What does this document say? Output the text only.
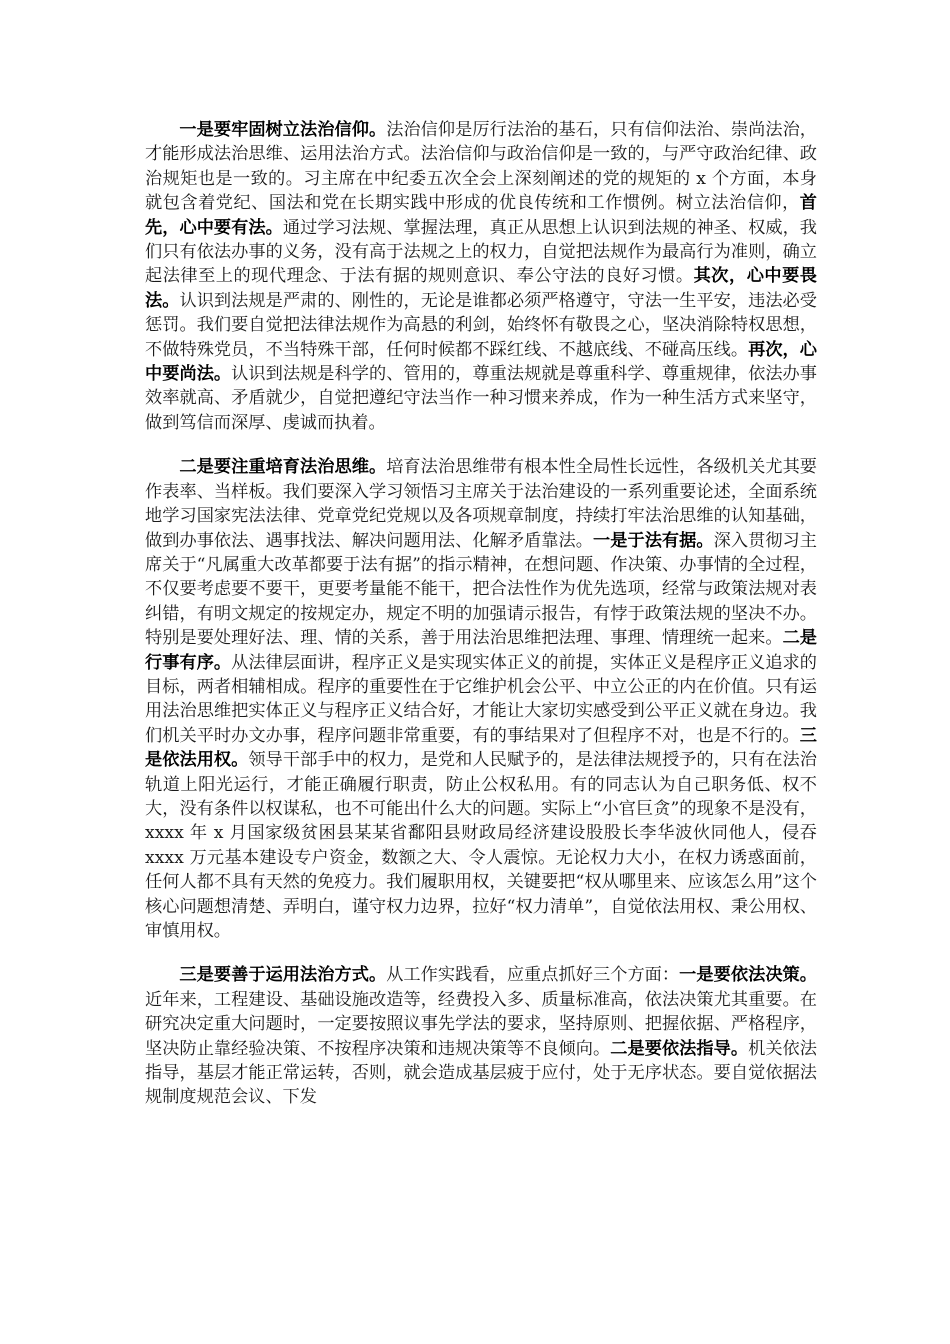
一是要牢固树立法治信仰。法治信仰是厉行法治的基石，只有信仰法治、崇尚法治，才能形成法治思维、运用法治方式。法治信仰与政治信仰是一致的，与严守政治纪律、政治规矩也是一致的。习主席在中纪委五次全会上深刻阐述的党的规矩的 x 个方面，本身就包含着党纪、国法和党在长期实践中形成的优良传统和工作惯例。树立法治信仰，首先，心中要有法。通过学习法规、掌握法理，真正从思想上认识到法规的神圣、权威，我们只有依法办事的义务，没有高于法规之上的权力，自觉把法规作为最高行为准则，确立起法律至上的现代理念、于法有据的规则意识、奉公守法的良好习惯。其次，心中要畏法。认识到法规是严肃的、刚性的，无论是谁都必须严格遵守，守法一生平安，违法必受惩罚。我们要自觉把法律法规作为高悬的利剑，始终怀有敬畏之心，坚决消除特权思想，不做特殊党员，不当特殊干部，任何时候都不踩红线、不越底线、不碰高压线。再次，心中要尚法。认识到法规是科学的、管用的，尊重法规就是尊重科学、尊重规律，依法办事效率就高、矛盾就少，自觉把遵纪守法当作一种习惯来养成，作为一种生活方式来坚守，做到笃信而深厚、虔诚而执着。

二是要注重培育法治思维。培育法治思维带有根本性全局性长远性，各级机关尤其要作表率、当样板。我们要深入学习领悟习主席关于法治建设的一系列重要论述，全面系统地学习国家宪法法律、党章党纪党规以及各项规章制度，持续打牢法治思维的认知基础，做到办事依法、遇事找法、解决问题用法、化解矛盾靠法。一是于法有据。深入贯彻习主席关于“凡属重大改革都要于法有据”的指示精神，在想问题、作决策、办事情的全过程，不仅要考虑要不要干，更要考量能不能干，把合法性作为优先选项，经常与政策法规对表纠错，有明文规定的按规定办，规定不明的加强请示报告，有悖于政策法规的坚决不办。特别是要处理好法、理、情的关系，善于用法治思维把法理、事理、情理统一起来。二是行事有序。从法律层面讲，程序正义是实现实体正义的前提，实体正义是程序正义追求的目标，两者相辅相成。程序的重要性在于它维护机会公平、中立公正的内在价值。只有运用法治思维把实体正义与程序正义结合好，才能让大家切实感受到公平正义就在身边。我们机关平时办文办事，程序问题非常重要，有的事结果对了但程序不对，也是不行的。三是依法用权。领导干部手中的权力，是党和人民赋予的，是法律法规授予的，只有在法治轨道上阳光运行，才能正确履行职责，防止公权私用。有的同志认为自己职务低、权不大，没有条件以权谋私，也不可能出什么大的问题。实际上“小官巨贪”的现象不是没有，xxxx 年 x 月国家级贫困县某某省鄱阳县财政局经济建设股股长李华波伙同他人，侵吞 xxxx 万元基本建设专户资金，数额之大、令人震惊。无论权力大小，在权力诱惑面前，任何人都不具有天然的免疫力。我们履职用权，关键要把“权从哪里来、应该怎么用”这个核心问题想清楚、弄明白，谨守权力边界，拉好“权力清单”，自觉依法用权、秉公用权、审慎用权。

三是要善于运用法治方式。从工作实践看，应重点抓好三个方面：一是要依法决策。近年来，工程建设、基础设施改造等，经费投入多、质量标准高，依法决策尤其重要。在研究决定重大问题时，一定要按照议事先学法的要求，坚持原则、把握依据、严格程序，坚决防止靠经验决策、不按程序决策和违规决策等不良倾向。二是要依法指导。机关依法指导，基层才能正常运转，否则，就会造成基层疲于应付，处于无序状态。要自觉依据法规制度规范会议、下发
